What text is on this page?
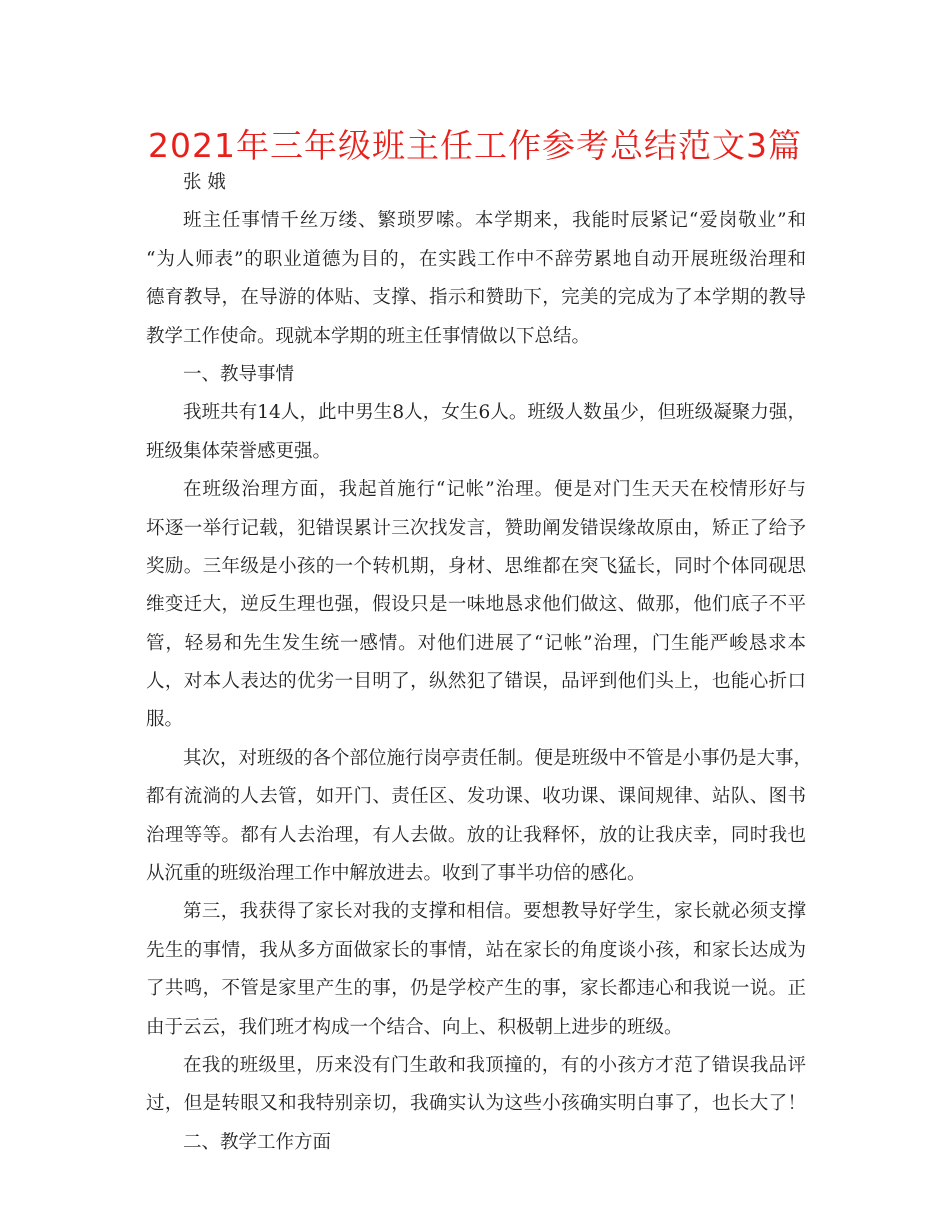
2021年三年级班主任工作参考总结范文3篇

张 娥

班主任事情千丝万缕、繁琐罗嗦。本学期来，我能时辰紧记“爱岗敬业”和

“为人师表”的职业道德为目的，在实践工作中不辞劳累地自动开展班级治理和

德育教导，在导游的体贴、支撑、指示和赞助下，完美的完成为了本学期的教导

教学工作使命。现就本学期的班主任事情做以下总结。

一、教导事情

我班共有14人，此中男生8人，女生6人。班级人数虽少，但班级凝聚力强，

班级集体荣誉感更强。

在班级治理方面，我起首施行“记帐”治理。便是对门生天天在校情形好与

坏逐一举行记载，犯错误累计三次找发言，赞助阐发错误缘故原由，矫正了给予

奖励。三年级是小孩的一个转机期，身材、思维都在突飞猛长，同时个体同砚思

维变迁大，逆反生理也强，假设只是一味地恳求他们做这、做那，他们底子不平

管，轻易和先生发生统一感情。对他们进展了“记帐”治理，门生能严峻恳求本

人，对本人表达的优劣一目明了，纵然犯了错误，品评到他们头上，也能心折口

服。

其次，对班级的各个部位施行岗亭责任制。便是班级中不管是小事仍是大事，

都有流淌的人去管，如开门、责任区、发功课、收功课、课间规律、站队、图书

治理等等。都有人去治理，有人去做。放的让我释怀，放的让我庆幸，同时我也

从沉重的班级治理工作中解放进去。收到了事半功倍的感化。

第三，我获得了家长对我的支撑和相信。要想教导好学生，家长就必须支撑

先生的事情，我从多方面做家长的事情，站在家长的角度谈小孩，和家长达成为

了共鸣，不管是家里产生的事，仍是学校产生的事，家长都违心和我说一说。正

由于云云，我们班才构成一个结合、向上、积极朝上进步的班级。

在我的班级里，历来没有门生敢和我顶撞的，有的小孩方才范了错误我品评

过，但是转眼又和我特别亲切，我确实认为这些小孩确实明白事了，也长大了！

二、教学工作方面
